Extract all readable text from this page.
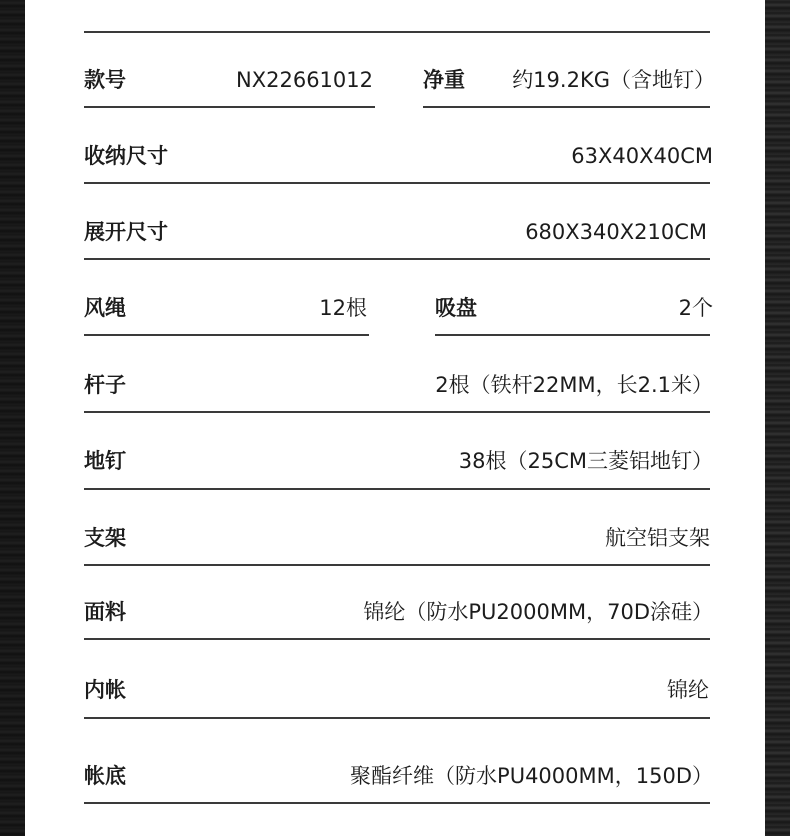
款号	NX22661012 净重	约19.2KG（含地钉）
收纳尺寸	63X40X40CM
展开尺寸	680X340X210CM
风绳	12根	吸盘	2个
杆子	2根（铁杆22MM，长2.1米）
地钉	38根（25CM三菱铝地钉）
支架	航空铝支架
面料	锦纶（防水PU2000MM，70D涂硅）
内帐	锦纶
帐底	聚酯纤维（防水PU4000MM，150D）
